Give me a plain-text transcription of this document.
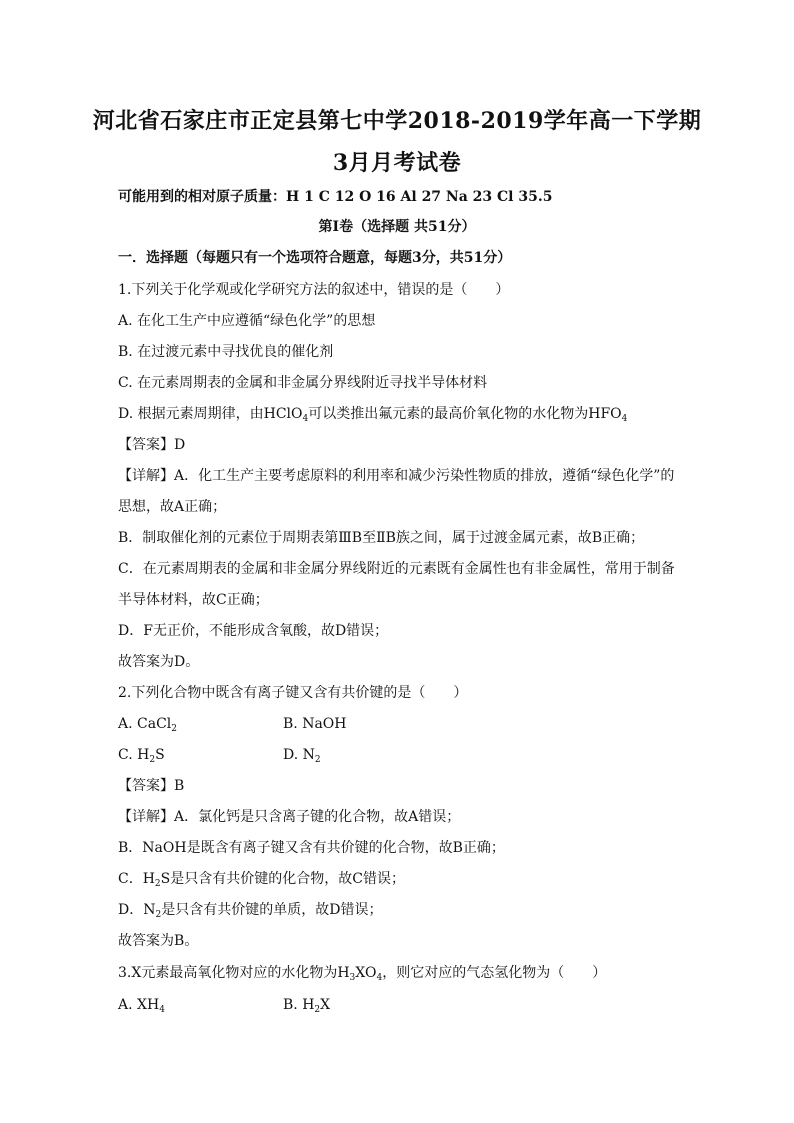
河北省石家庄市正定县第七中学2018-2019学年高一下学期
3月月考试卷
可能用到的相对原子质量：H 1 C 12 O 16 Al 27 Na 23 Cl 35.5
第Ⅰ卷（选择题 共51分）
一．选择题（每题只有一个选项符合题意，每题3分，共51分）
1.下列关于化学观或化学研究方法的叙述中，错误的是（　　）
A. 在化工生产中应遵循“绿色化学”的思想
B. 在过渡元素中寻找优良的催化剂
C. 在元素周期表的金属和非金属分界线附近寻找半导体材料
D. 根据元素周期律，由HClO$_4$可以类推出氟元素的最高价氧化物的水化物为$HFO_4$
【答案】D
【详解】A．化工生产主要考虑原料的利用率和减少污染性物质的排放，遵循“绿色化学”的
思想，故A正确；
B．制取催化剂的元素位于周期表第ⅢB至ⅡB族之间，属于过渡金属元素，故B正确；
C．在元素周期表的金属和非金属分界线附近的元素既有金属性也有非金属性，常用于制备
半导体材料，故C正确；
D．F无正价，不能形成含氧酸，故D错误；
故答案为D。
2.下列化合物中既含有离子键又含有共价键的是（　　）
A. CaCl$_2$	B. NaOH
C. $H_2S$	D. $N_2$
【答案】B
【详解】A．氯化钙是只含离子键的化合物，故A错误；
B．NaOH是既含有离子键又含有共价键的化合物，故B正确；
C．$H_2S$是只含有共价键的化合物，故C错误；
D．$N_2$是只含有共价键的单质，故D错误；
故答案为B。
3.X元素最高氧化物对应的水化物为$H_3XO_4$，则它对应的气态氢化物为（　　）
A. $XH_4$	B. $H_2X$
